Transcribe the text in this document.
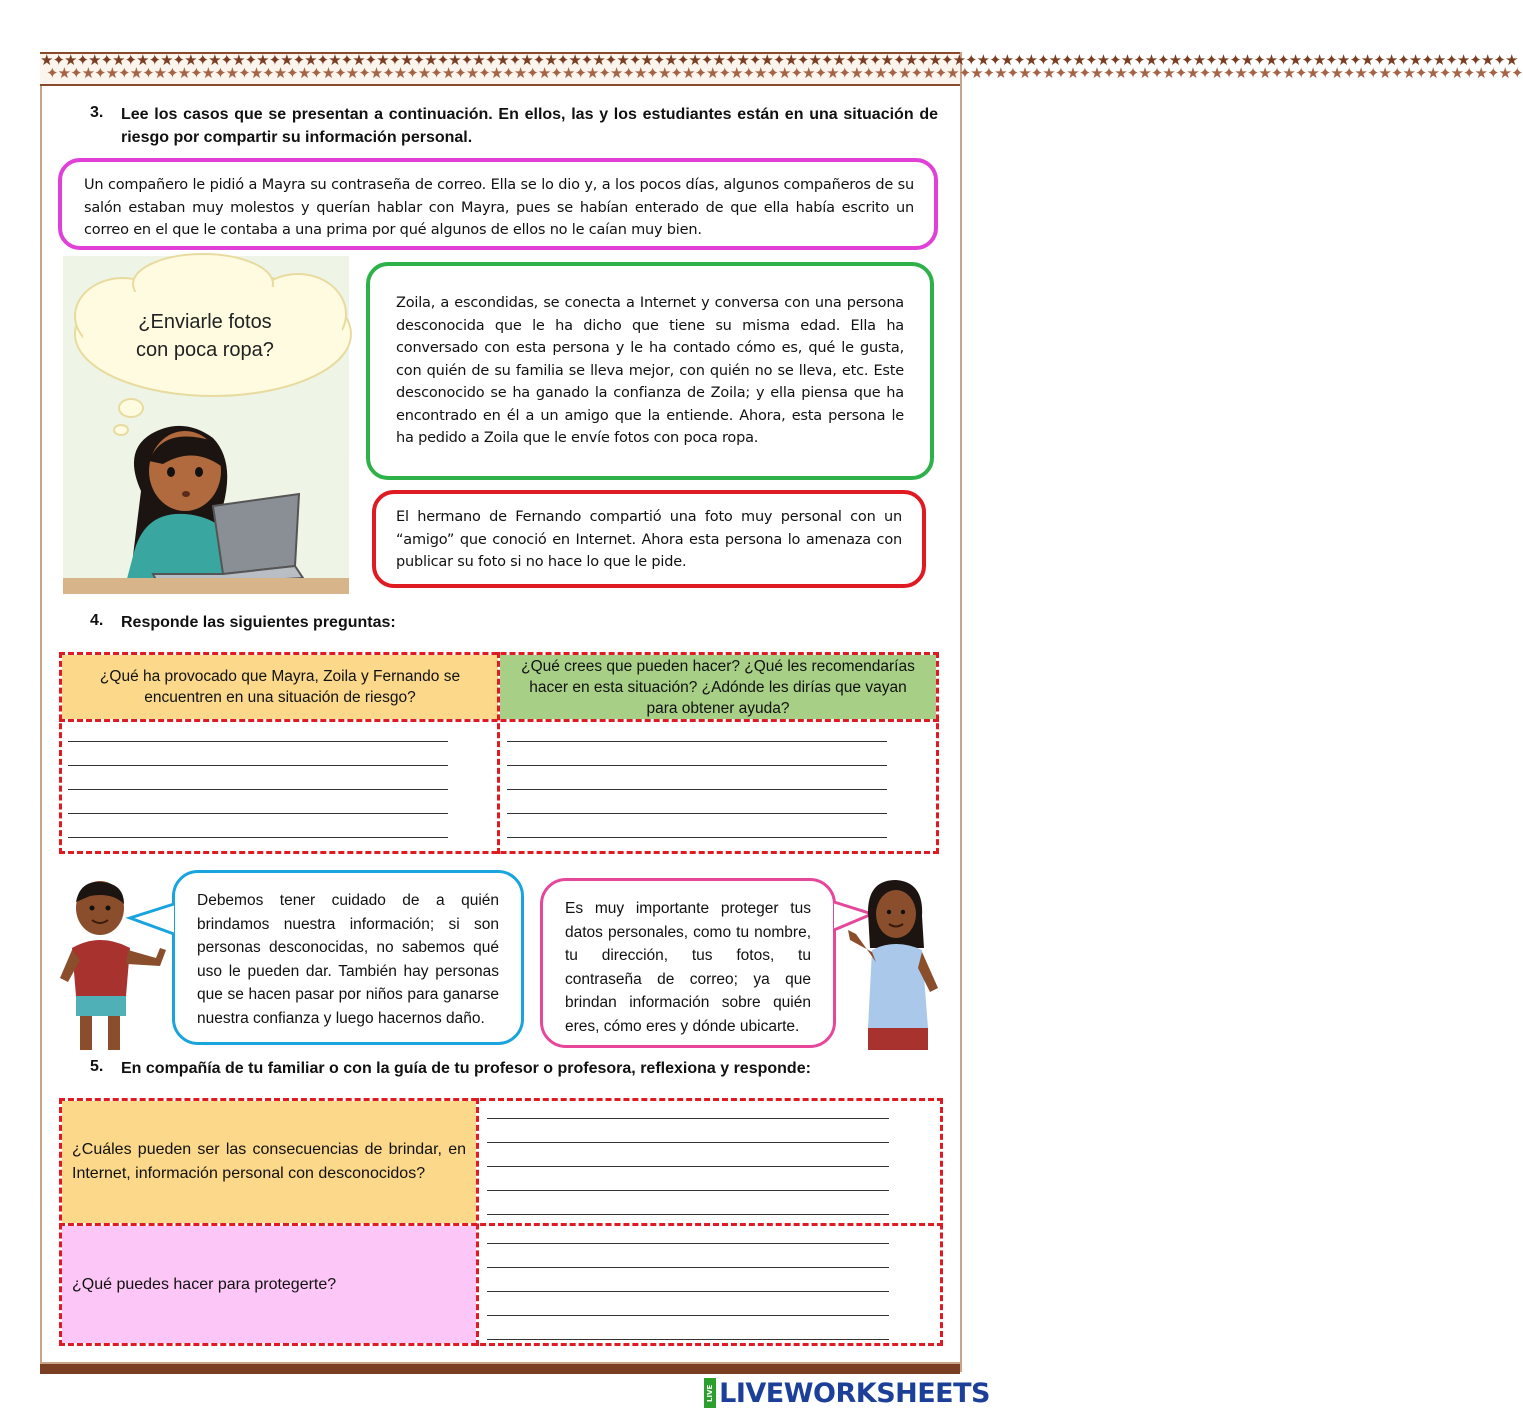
★✦★✦★✦★✦★✦★✦★✦★✦★✦★✦★✦★✦★✦★✦★✦★✦★✦★✦★✦★✦★✦★✦★✦★✦★✦★✦★✦★✦★✦★✦★✦★✦★✦★✦★✦★✦★✦★✦★✦★✦★✦★✦★✦★✦★✦★✦★✦★✦★✦★✦★✦★✦★✦★✦★✦★✦★✦★✦★✦★✦★✦★
✦★✦★✦★✦★✦★✦★✦★✦★✦★✦★✦★✦★✦★✦★✦★✦★✦★✦★✦★✦★✦★✦★✦★✦★✦★✦★✦★✦★✦★✦★✦★✦★✦★✦★✦★✦★✦★✦★✦★✦★✦★✦★✦★✦★✦★✦★✦★✦★✦★✦★✦★✦★✦★✦★✦★✦★✦★✦★✦★✦★✦★✦
3. Lee los casos que se presentan a continuación. En ellos, las y los estudiantes están en una situación de riesgo por compartir su información personal.
Un compañero le pidió a Mayra su contraseña de correo. Ella se lo dio y, a los pocos días, algunos compañeros de su salón estaban muy molestos y querían hablar con Mayra, pues se habían enterado de que ella había escrito un correo en el que le contaba a una prima por qué algunos de ellos no le caían muy bien.
¿Enviarle fotos
con poca ropa?
Zoila, a escondidas, se conecta a Internet y conversa con una persona desconocida que le ha dicho que tiene su misma edad. Ella ha conversado con esta persona y le ha contado cómo es, qué le gusta, con quién de su familia se lleva mejor, con quién no se lleva, etc. Este desconocido se ha ganado la confianza de Zoila; y ella piensa que ha encontrado en él a un amigo que la entiende. Ahora, esta persona le ha pedido a Zoila que le envíe fotos con poca ropa.
El hermano de Fernando compartió una foto muy personal con un “amigo” que conoció en Internet. Ahora esta persona lo amenaza con publicar su foto si no hace lo que le pide.
4. Responde las siguientes preguntas:
¿Qué ha provocado que Mayra, Zoila y Fernando se encuentren en una situación de riesgo?
¿Qué crees que pueden hacer? ¿Qué les recomendarías hacer en esta situación? ¿Adónde les dirías que vayan para obtener ayuda?
Debemos tener cuidado de a quién brindamos nuestra información; si son personas desconocidas, no sabemos qué uso le pueden dar. También hay personas que se hacen pasar por niños para ganarse nuestra confianza y luego hacernos daño.
Es muy importante proteger tus datos personales, como tu nombre, tu dirección, tus fotos, tu contraseña de correo; ya que brindan información sobre quién eres, cómo eres y dónde ubicarte.
5. En compañía de tu familiar o con la guía de tu profesor o profesora, reflexiona y responde:
¿Cuáles pueden ser las consecuencias de brindar, en Internet, información personal con desconocidos?
¿Qué puedes hacer para protegerte?
LIVE LIVEWORKSHEETS
